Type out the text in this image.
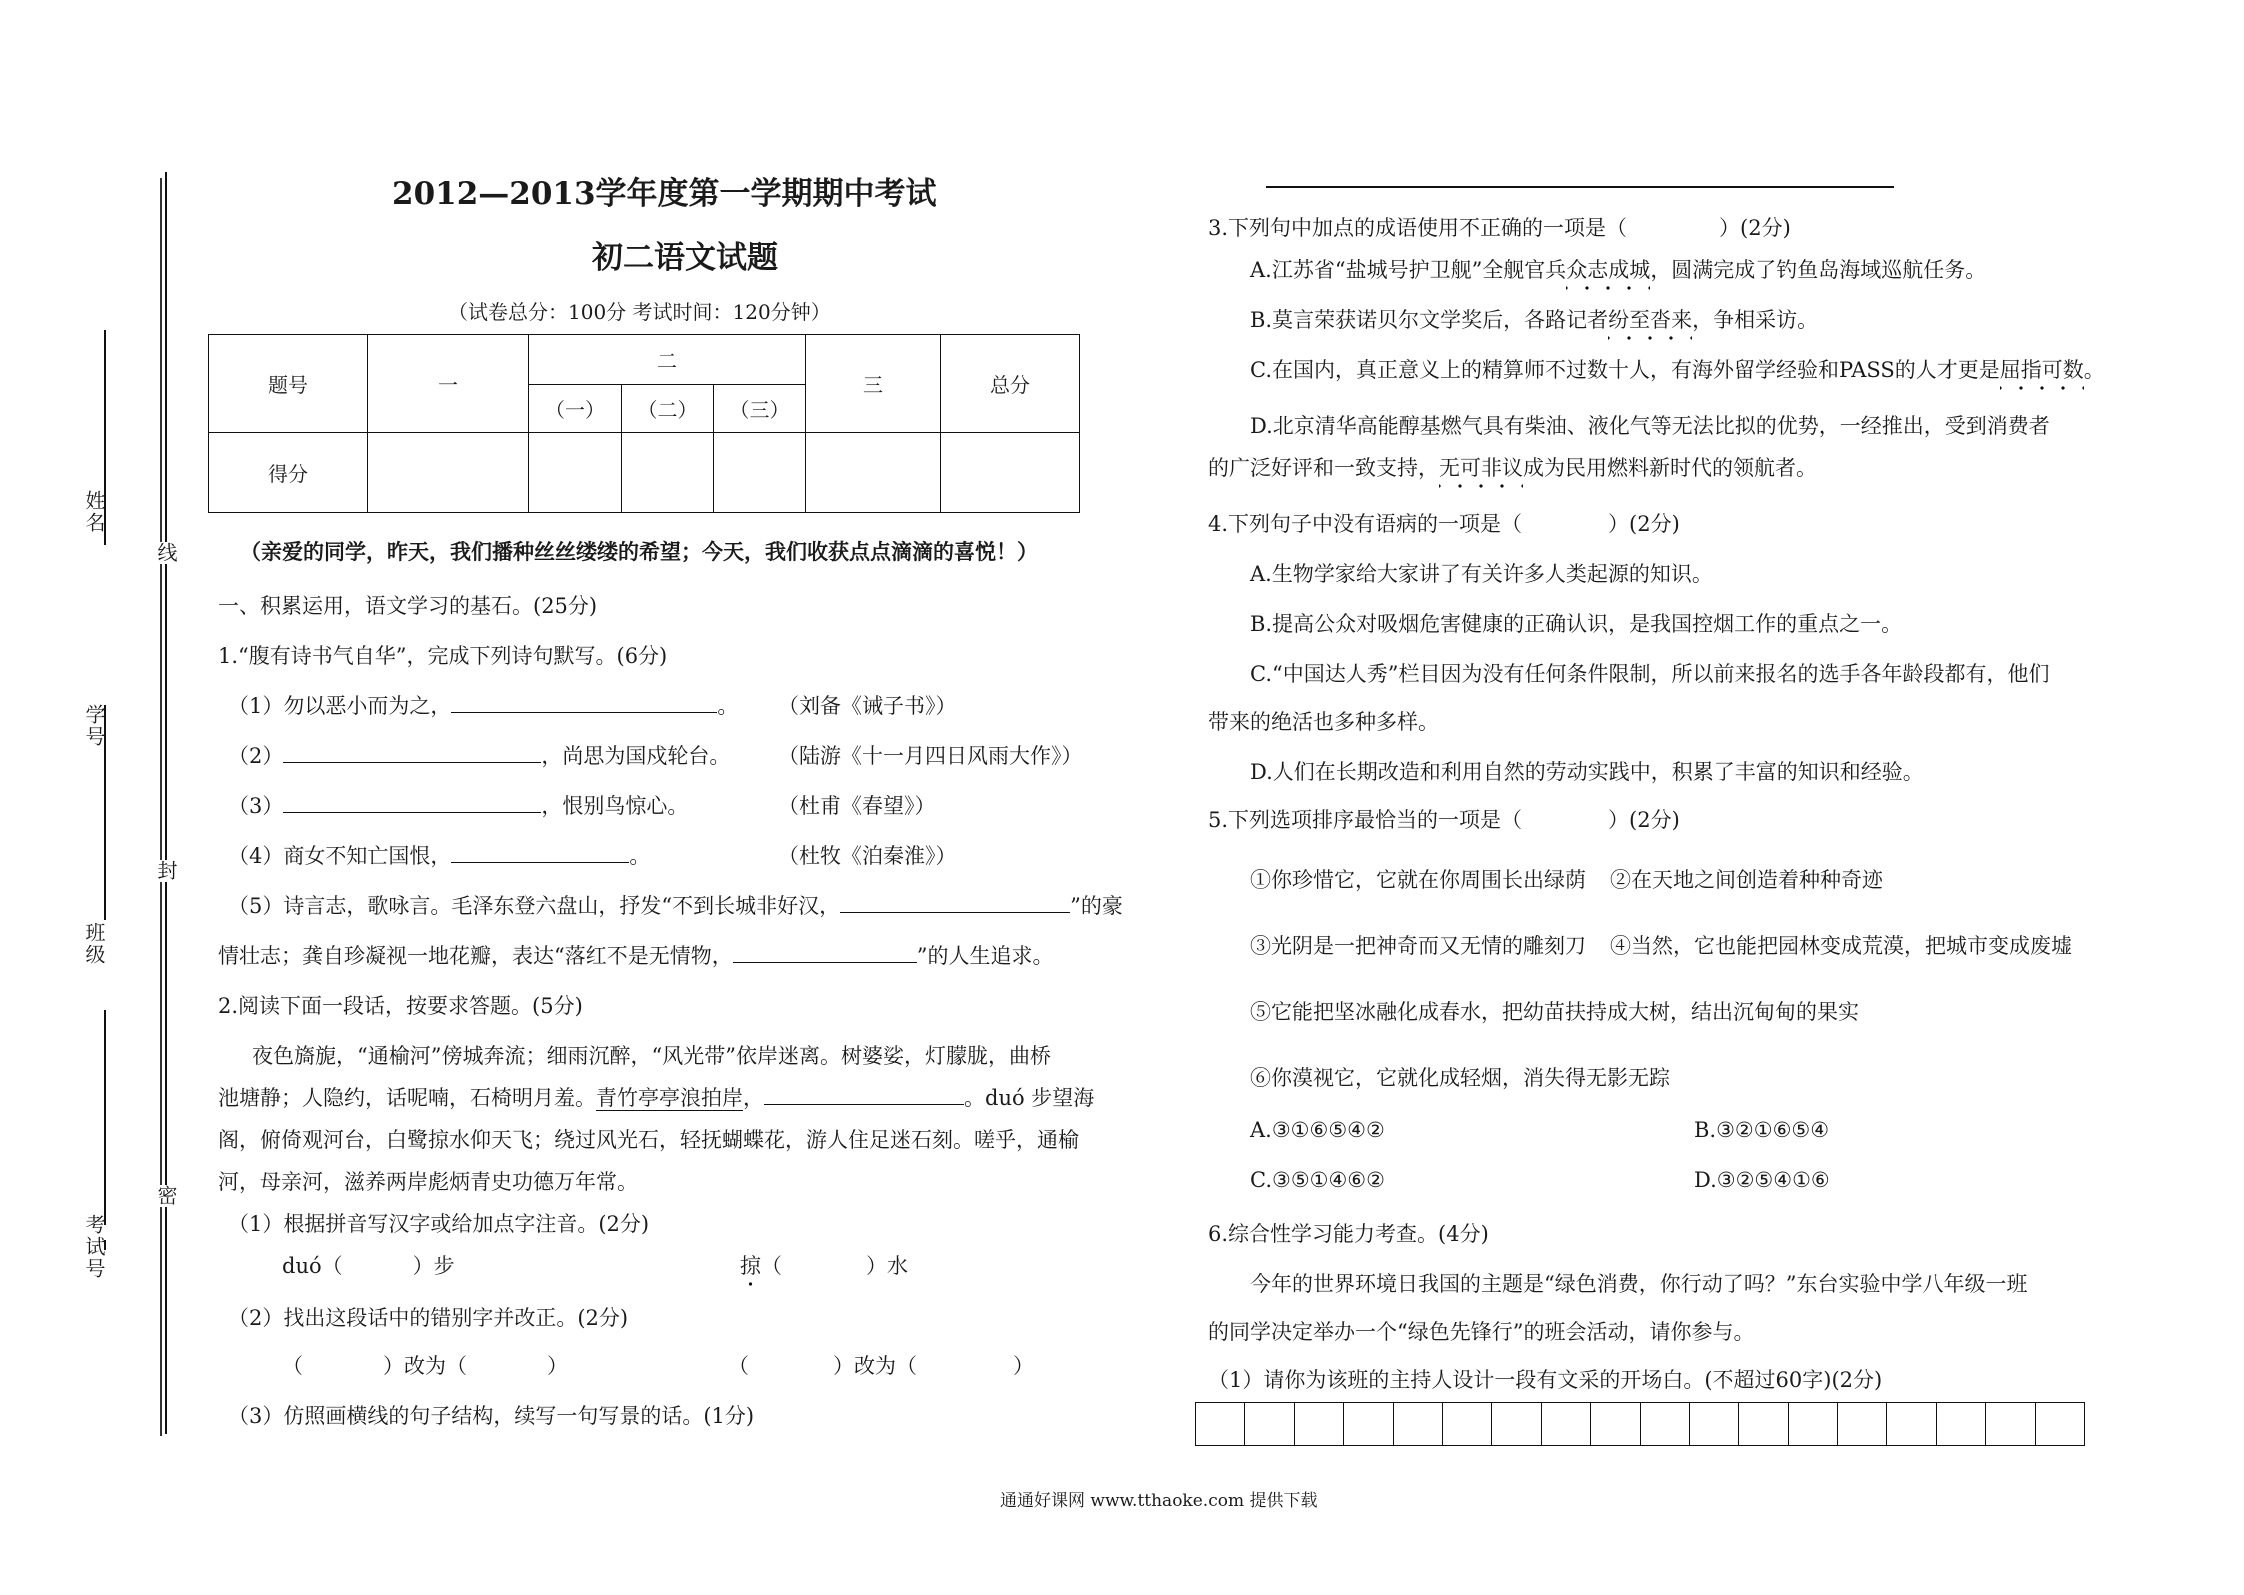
姓名
学号
班级
考试号
线
封
密
2012—2013学年度第一学期期中考试
初二语文试题
（试卷总分：100分 考试时间：120分钟）
题号	一	二			三	总分
		（一）	（二）	（三）		
得分						
（亲爱的同学，昨天，我们播种丝丝缕缕的希望；今天，我们收获点点滴滴的喜悦！）
一、积累运用，语文学习的基石。(25分)
1.“腹有诗书气自华”，完成下列诗句默写。(6分)
（1）勿以恶小而为之，	。 （刘备《诫子书》）
（2）	，尚思为国戍轮台。 （陆游《十一月四日风雨大作》）
（3）	，恨别鸟惊心。	（杜甫《春望》）
（4）商女不知亡国恨，	。	（杜牧《泊秦淮》）
（5）诗言志，歌咏言。毛泽东登六盘山，抒发“不到长城非好汉，	”的豪
情壮志；龚自珍凝视一地花瓣，表达“落红不是无情物，	”的人生追求。
2.阅读下面一段话，按要求答题。(5分)
夜色旖旎，“通榆河”傍城奔流；细雨沉醉，“风光带”依岸迷离。树婆娑，灯朦胧，曲桥
池塘静；人隐约，话呢喃，石椅明月羞。青竹亭亭浪拍岸，	。duó 步望海
阁，俯倚观河台，白鹭掠水仰天飞；绕过风光石，轻抚蝴蝶花，游人住足迷石刻。嗟乎，通榆
河，母亲河，滋养两岸彪炳青史功德万年常。
（1）根据拼音写汉字或给加点字注音。(2分)
duó（	）步	掠（	）水
（2）找出这段话中的错别字并改正。(2分)
（	）改为（	）	（	）改为（	）
（3）仿照画横线的句子结构，续写一句写景的话。(1分)
3.下列句中加点的成语使用不正确的一项是（	）(2分)
A.江苏省“盐城号护卫舰”全舰官兵众志成城，圆满完成了钓鱼岛海域巡航任务。
B.莫言荣获诺贝尔文学奖后，各路记者纷至沓来，争相采访。
C.在国内，真正意义上的精算师不过数十人，有海外留学经验和PASS的人才更是屈指可数。
D.北京清华高能醇基燃气具有柴油、液化气等无法比拟的优势，一经推出，受到消费者
的广泛好评和一致支持，无可非议成为民用燃料新时代的领航者。
4.下列句子中没有语病的一项是（	）(2分)
A.生物学家给大家讲了有关许多人类起源的知识。
B.提高公众对吸烟危害健康的正确认识，是我国控烟工作的重点之一。
C.“中国达人秀”栏目因为没有任何条件限制，所以前来报名的选手各年龄段都有，他们
带来的绝活也多种多样。
D.人们在长期改造和利用自然的劳动实践中，积累了丰富的知识和经验。
5.下列选项排序最恰当的一项是（	）(2分)
①你珍惜它，它就在你周围长出绿荫 ②在天地之间创造着种种奇迹
③光阴是一把神奇而又无情的雕刻刀 ④当然，它也能把园林变成荒漠，把城市变成废墟
⑤它能把坚冰融化成春水，把幼苗扶持成大树，结出沉甸甸的果实
⑥你漠视它，它就化成轻烟，消失得无影无踪
A.③①⑥⑤④②	B.③②①⑥⑤④
C.③⑤①④⑥②	D.③②⑤④①⑥
6.综合性学习能力考查。(4分)
今年的世界环境日我国的主题是“绿色消费，你行动了吗？”东台实验中学八年级一班
的同学决定举办一个“绿色先锋行”的班会活动，请你参与。
（1）请你为该班的主持人设计一段有文采的开场白。(不超过60字)(2分)
通通好课网 www.tthaoke.com 提供下载
